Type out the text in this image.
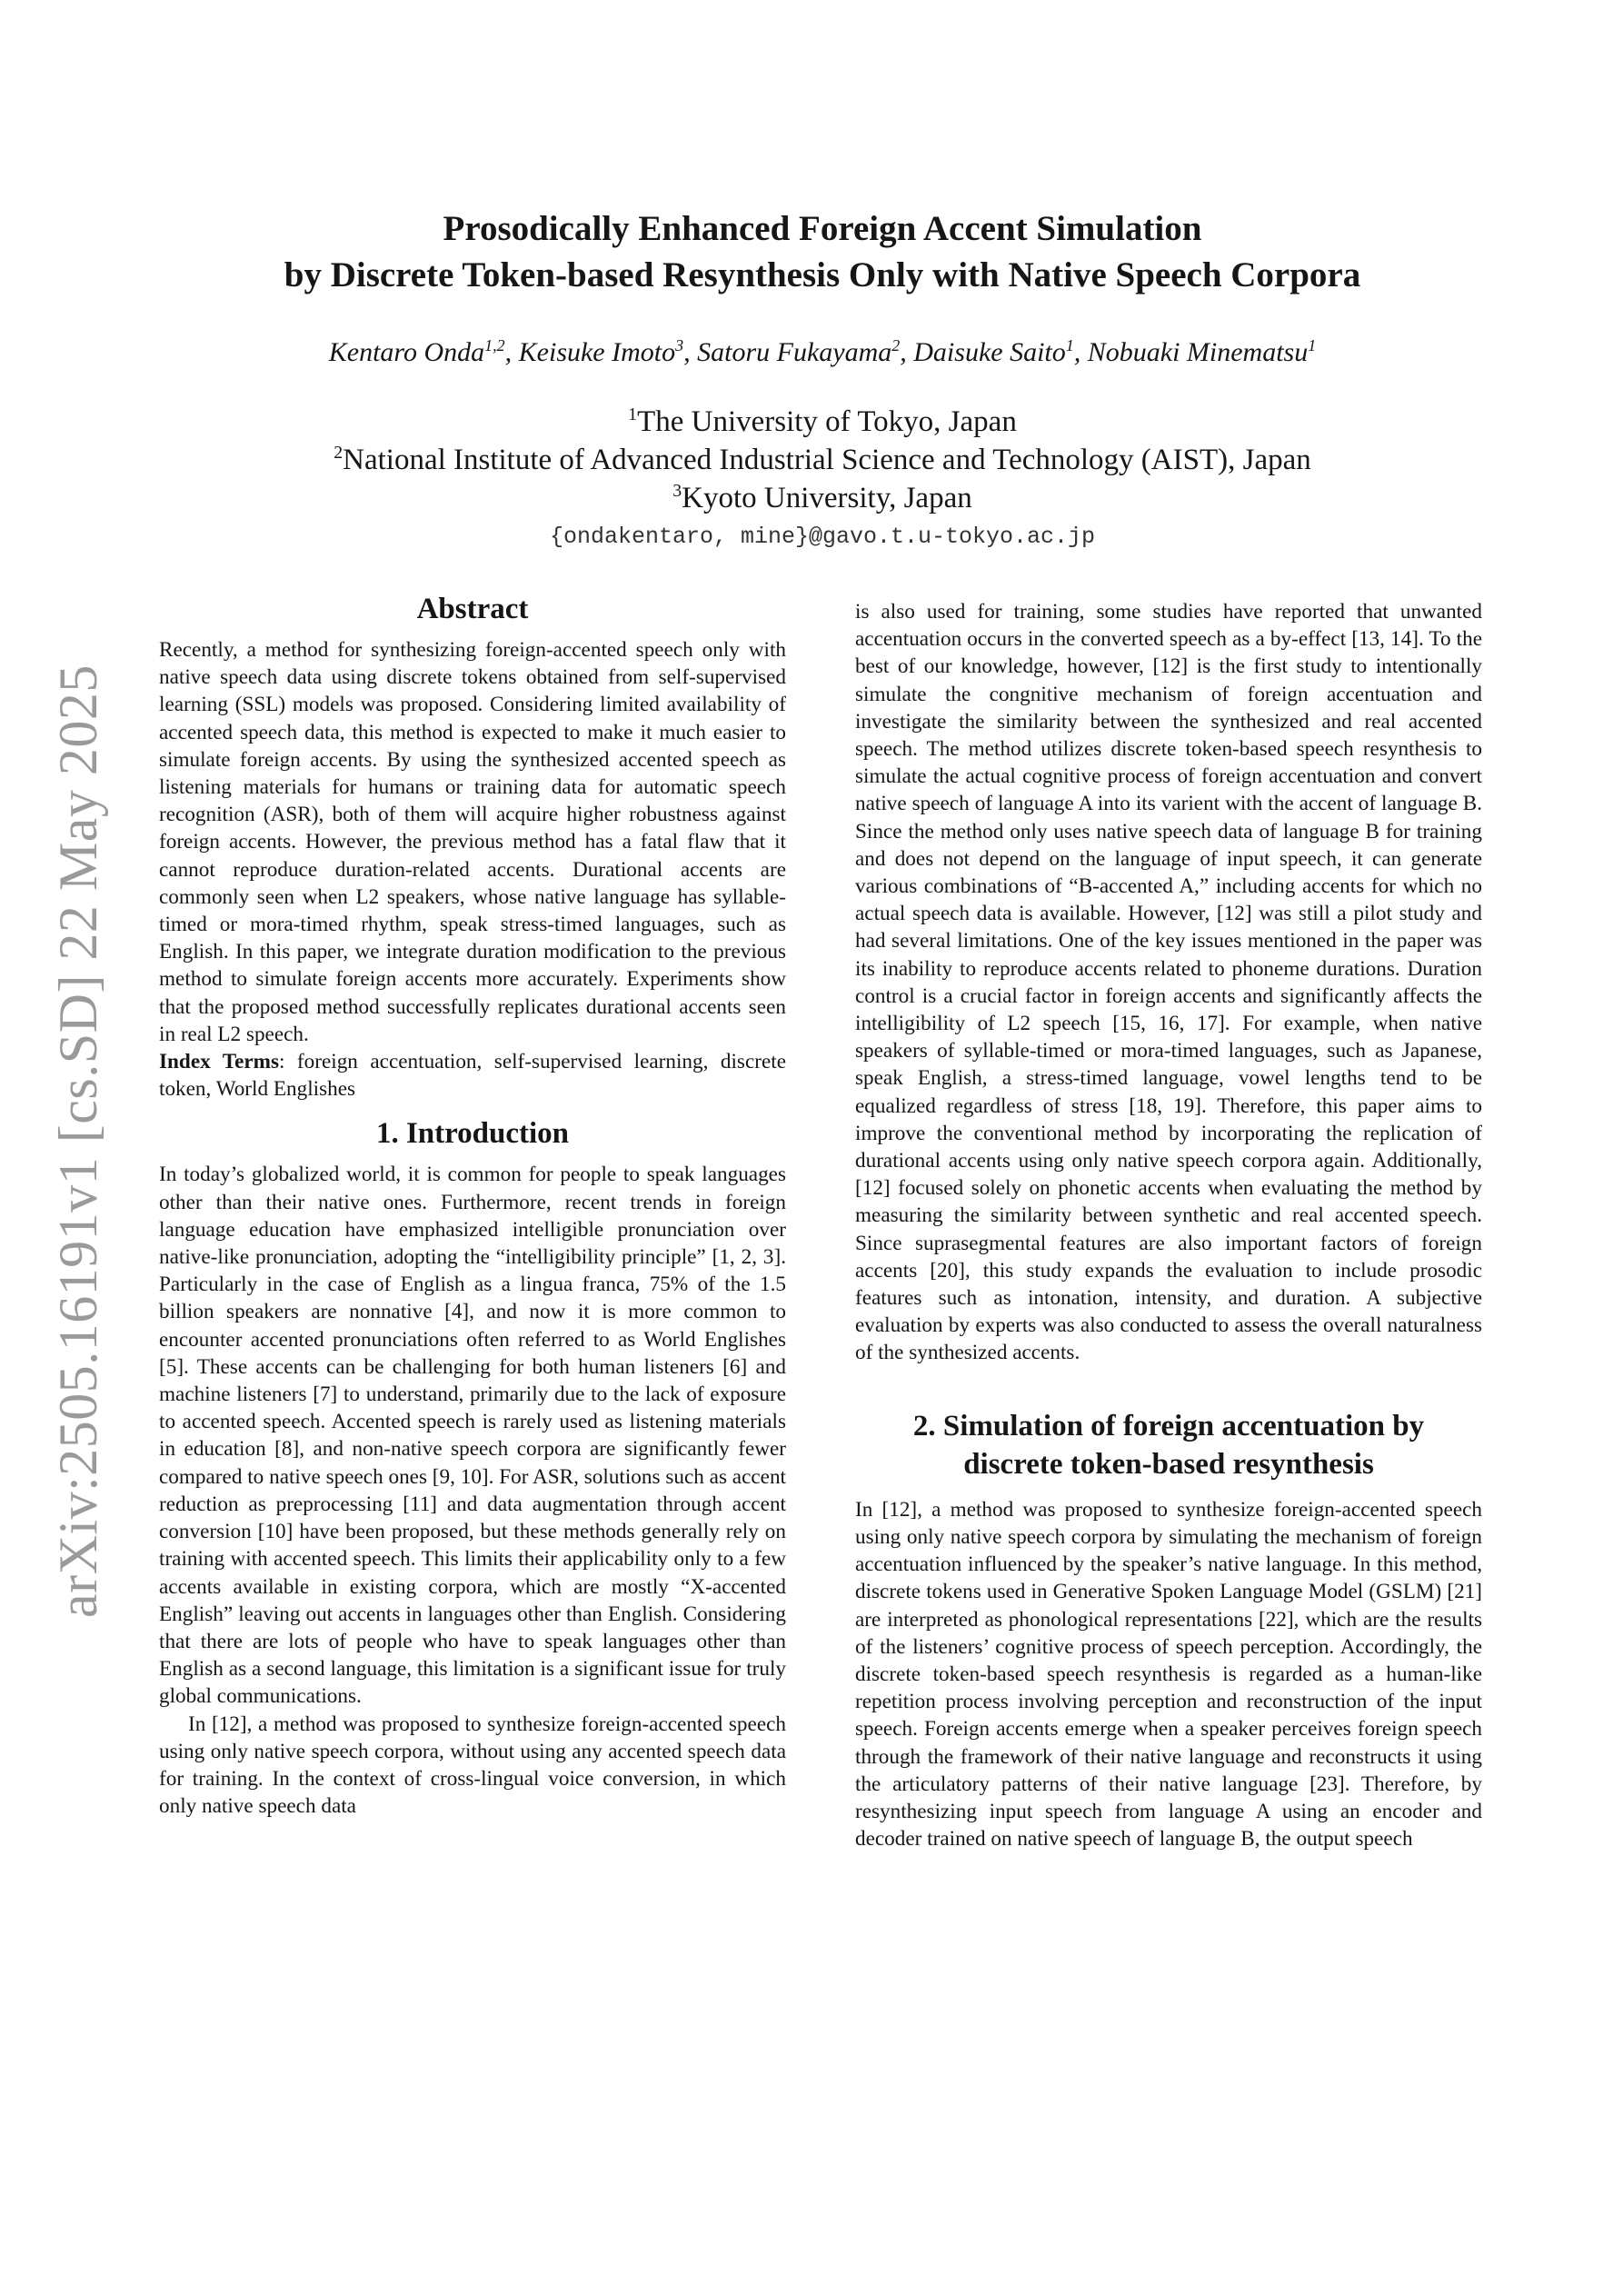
arXiv:2505.16191v1 [cs.SD] 22 May 2025
Prosodically Enhanced Foreign Accent Simulation
by Discrete Token-based Resynthesis Only with Native Speech Corpora
Kentaro Onda$^{1,2}$, Keisuke Imoto$^3$, Satoru Fukayama$^2$, Daisuke Saito$^1$, Nobuaki Minematsu$^1$
$^1$The University of Tokyo, Japan
$^2$National Institute of Advanced Industrial Science and Technology (AIST), Japan
$^3$Kyoto University, Japan
{ondakentaro, mine}@gavo.t.u-tokyo.ac.jp
Abstract

Recently, a method for synthesizing foreign-accented speech only with native speech data using discrete tokens obtained from self-supervised learning (SSL) models was proposed. Considering limited availability of accented speech data, this method is expected to make it much easier to simulate foreign accents. By using the synthesized accented speech as listening materials for humans or training data for automatic speech recognition (ASR), both of them will acquire higher robustness against foreign accents. However, the previous method has a fatal flaw that it cannot reproduce duration-related accents. Durational accents are commonly seen when L2 speakers, whose native language has syllable-timed or mora-timed rhythm, speak stress-timed languages, such as English. In this paper, we integrate duration modification to the previous method to simulate foreign accents more accurately. Experiments show that the proposed method successfully replicates durational accents seen in real L2 speech.

Index Terms: foreign accentuation, self-supervised learning, discrete token, World Englishes

1. Introduction

In today’s globalized world, it is common for people to speak languages other than their native ones. Furthermore, recent trends in foreign language education have emphasized intelligible pronunciation over native-like pronunciation, adopting the “intelligibility principle” [1, 2, 3]. Particularly in the case of English as a lingua franca, 75% of the 1.5 billion speakers are nonnative [4], and now it is more common to encounter accented pronunciations often referred to as World Englishes [5]. These accents can be challenging for both human listeners [6] and machine listeners [7] to understand, primarily due to the lack of exposure to accented speech. Accented speech is rarely used as listening materials in education [8], and non-native speech corpora are significantly fewer compared to native speech ones [9, 10]. For ASR, solutions such as accent reduction as preprocessing [11] and data augmentation through accent conversion [10] have been proposed, but these methods generally rely on training with accented speech. This limits their applicability only to a few accents available in existing corpora, which are mostly “X-accented English” leaving out accents in languages other than English. Considering that there are lots of people who have to speak languages other than English as a second language, this limitation is a significant issue for truly global communications.

In [12], a method was proposed to synthesize foreign-accented speech using only native speech corpora, without using any accented speech data for training. In the context of cross-lingual voice conversion, in which only native speech data

is also used for training, some studies have reported that unwanted accentuation occurs in the converted speech as a by-effect [13, 14]. To the best of our knowledge, however, [12] is the first study to intentionally simulate the congnitive mechanism of foreign accentuation and investigate the similarity between the synthesized and real accented speech. The method utilizes discrete token-based speech resynthesis to simulate the actual cognitive process of foreign accentuation and convert native speech of language A into its varient with the accent of language B. Since the method only uses native speech data of language B for training and does not depend on the language of input speech, it can generate various combinations of “B-accented A,” including accents for which no actual speech data is available. However, [12] was still a pilot study and had several limitations. One of the key issues mentioned in the paper was its inability to reproduce accents related to phoneme durations. Duration control is a crucial factor in foreign accents and significantly affects the intelligibility of L2 speech [15, 16, 17]. For example, when native speakers of syllable-timed or mora-timed languages, such as Japanese, speak English, a stress-timed language, vowel lengths tend to be equalized regardless of stress [18, 19]. Therefore, this paper aims to improve the conventional method by incorporating the replication of durational accents using only native speech corpora again. Additionally, [12] focused solely on phonetic accents when evaluating the method by measuring the similarity between synthetic and real accented speech. Since suprasegmental features are also important factors of foreign accents [20], this study expands the evaluation to include prosodic features such as intonation, intensity, and duration. A subjective evaluation by experts was also conducted to assess the overall naturalness of the synthesized accents.

2. Simulation of foreign accentuation by
discrete token-based resynthesis

In [12], a method was proposed to synthesize foreign-accented speech using only native speech corpora by simulating the mechanism of foreign accentuation influenced by the speaker’s native language. In this method, discrete tokens used in Generative Spoken Language Model (GSLM) [21] are interpreted as phonological representations [22], which are the results of the listeners’ cognitive process of speech perception. Accordingly, the discrete token-based speech resynthesis is regarded as a human-like repetition process involving perception and reconstruction of the input speech. Foreign accents emerge when a speaker perceives foreign speech through the framework of their native language and reconstructs it using the articulatory patterns of their native language [23]. Therefore, by resynthesizing input speech from language A using an encoder and decoder trained on native speech of language B, the output speech
